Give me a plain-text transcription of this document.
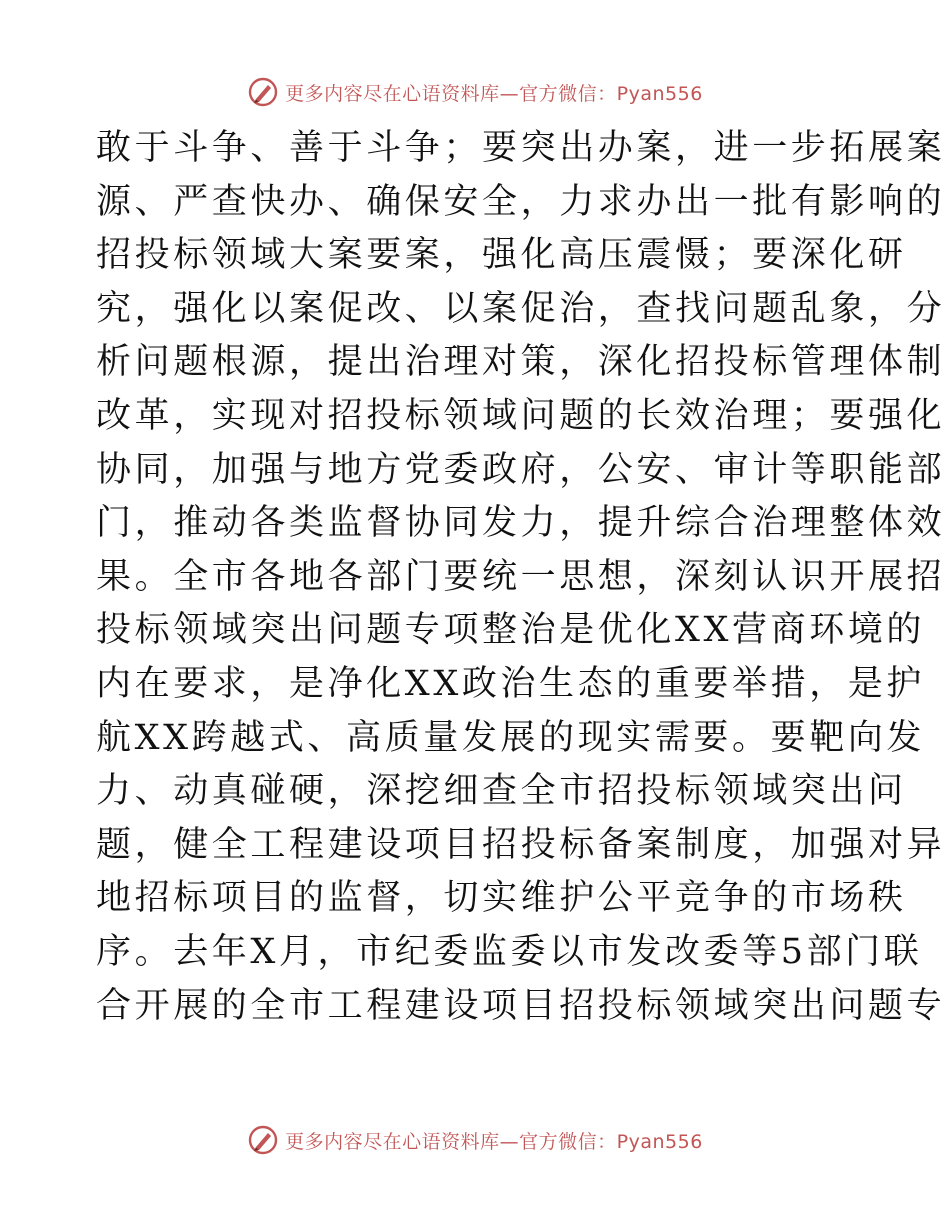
更多内容尽在心语资料库—官方微信：Pyan556
敢于斗争、善于斗争；要突出办案，进一步拓展案
源、严查快办、确保安全，力求办出一批有影响的
招投标领域大案要案，强化高压震慑；要深化研
究，强化以案促改、以案促治，查找问题乱象，分
析问题根源，提出治理对策，深化招投标管理体制
改革，实现对招投标领域问题的长效治理；要强化
协同，加强与地方党委政府，公安、审计等职能部
门，推动各类监督协同发力，提升综合治理整体效
果。全市各地各部门要统一思想，深刻认识开展招
投标领域突出问题专项整治是优化XX营商环境的
内在要求，是净化XX政治生态的重要举措，是护
航XX跨越式、高质量发展的现实需要。要靶向发
力、动真碰硬，深挖细查全市招投标领域突出问
题，健全工程建设项目招投标备案制度，加强对异
地招标项目的监督，切实维护公平竞争的市场秩
序。去年X月，市纪委监委以市发改委等5部门联
合开展的全市工程建设项目招投标领域突出问题专
更多内容尽在心语资料库—官方微信：Pyan556
